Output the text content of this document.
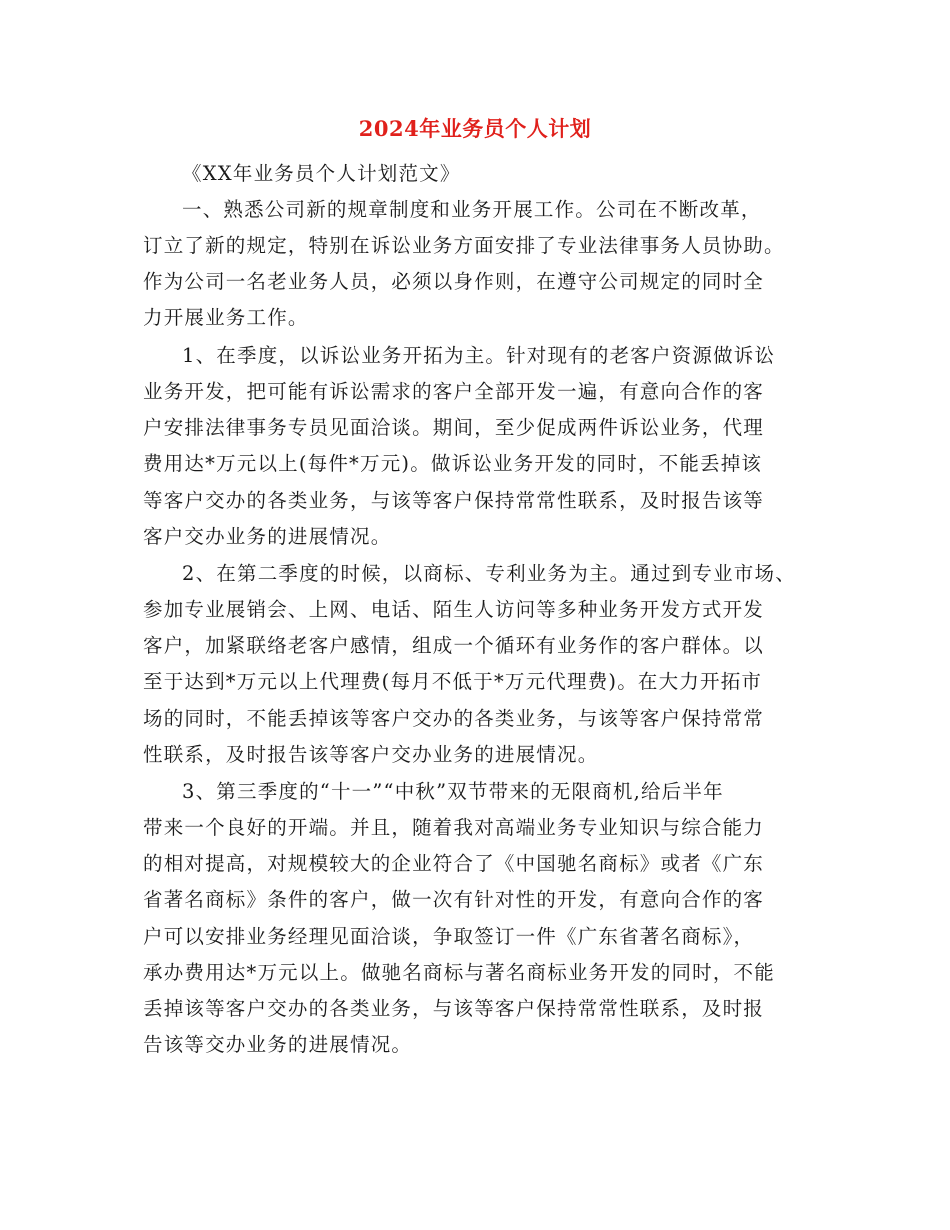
2024年业务员个人计划
《XX年业务员个人计划范文》
一、熟悉公司新的规章制度和业务开展工作。公司在不断改革，
订立了新的规定，特别在诉讼业务方面安排了专业法律事务人员协助。
作为公司一名老业务人员，必须以身作则，在遵守公司规定的同时全
力开展业务工作。
1、在季度，以诉讼业务开拓为主。针对现有的老客户资源做诉讼
业务开发，把可能有诉讼需求的客户全部开发一遍，有意向合作的客
户安排法律事务专员见面洽谈。期间，至少促成两件诉讼业务，代理
费用达*万元以上(每件*万元)。做诉讼业务开发的同时，不能丢掉该
等客户交办的各类业务，与该等客户保持常常性联系，及时报告该等
客户交办业务的进展情况。
2、在第二季度的时候，以商标、专利业务为主。通过到专业市场、
参加专业展销会、上网、电话、陌生人访问等多种业务开发方式开发
客户，加紧联络老客户感情，组成一个循环有业务作的客户群体。以
至于达到*万元以上代理费(每月不低于*万元代理费)。在大力开拓市
场的同时，不能丢掉该等客户交办的各类业务，与该等客户保持常常
性联系，及时报告该等客户交办业务的进展情况。
3、第三季度的“十一”“中秋”双节带来的无限商机,给后半年
带来一个良好的开端。并且，随着我对高端业务专业知识与综合能力
的相对提高，对规模较大的企业符合了《中国驰名商标》或者《广东
省著名商标》条件的客户，做一次有针对性的开发，有意向合作的客
户可以安排业务经理见面洽谈，争取签订一件《广东省著名商标》，
承办费用达*万元以上。做驰名商标与著名商标业务开发的同时，不能
丢掉该等客户交办的各类业务，与该等客户保持常常性联系，及时报
告该等交办业务的进展情况。
